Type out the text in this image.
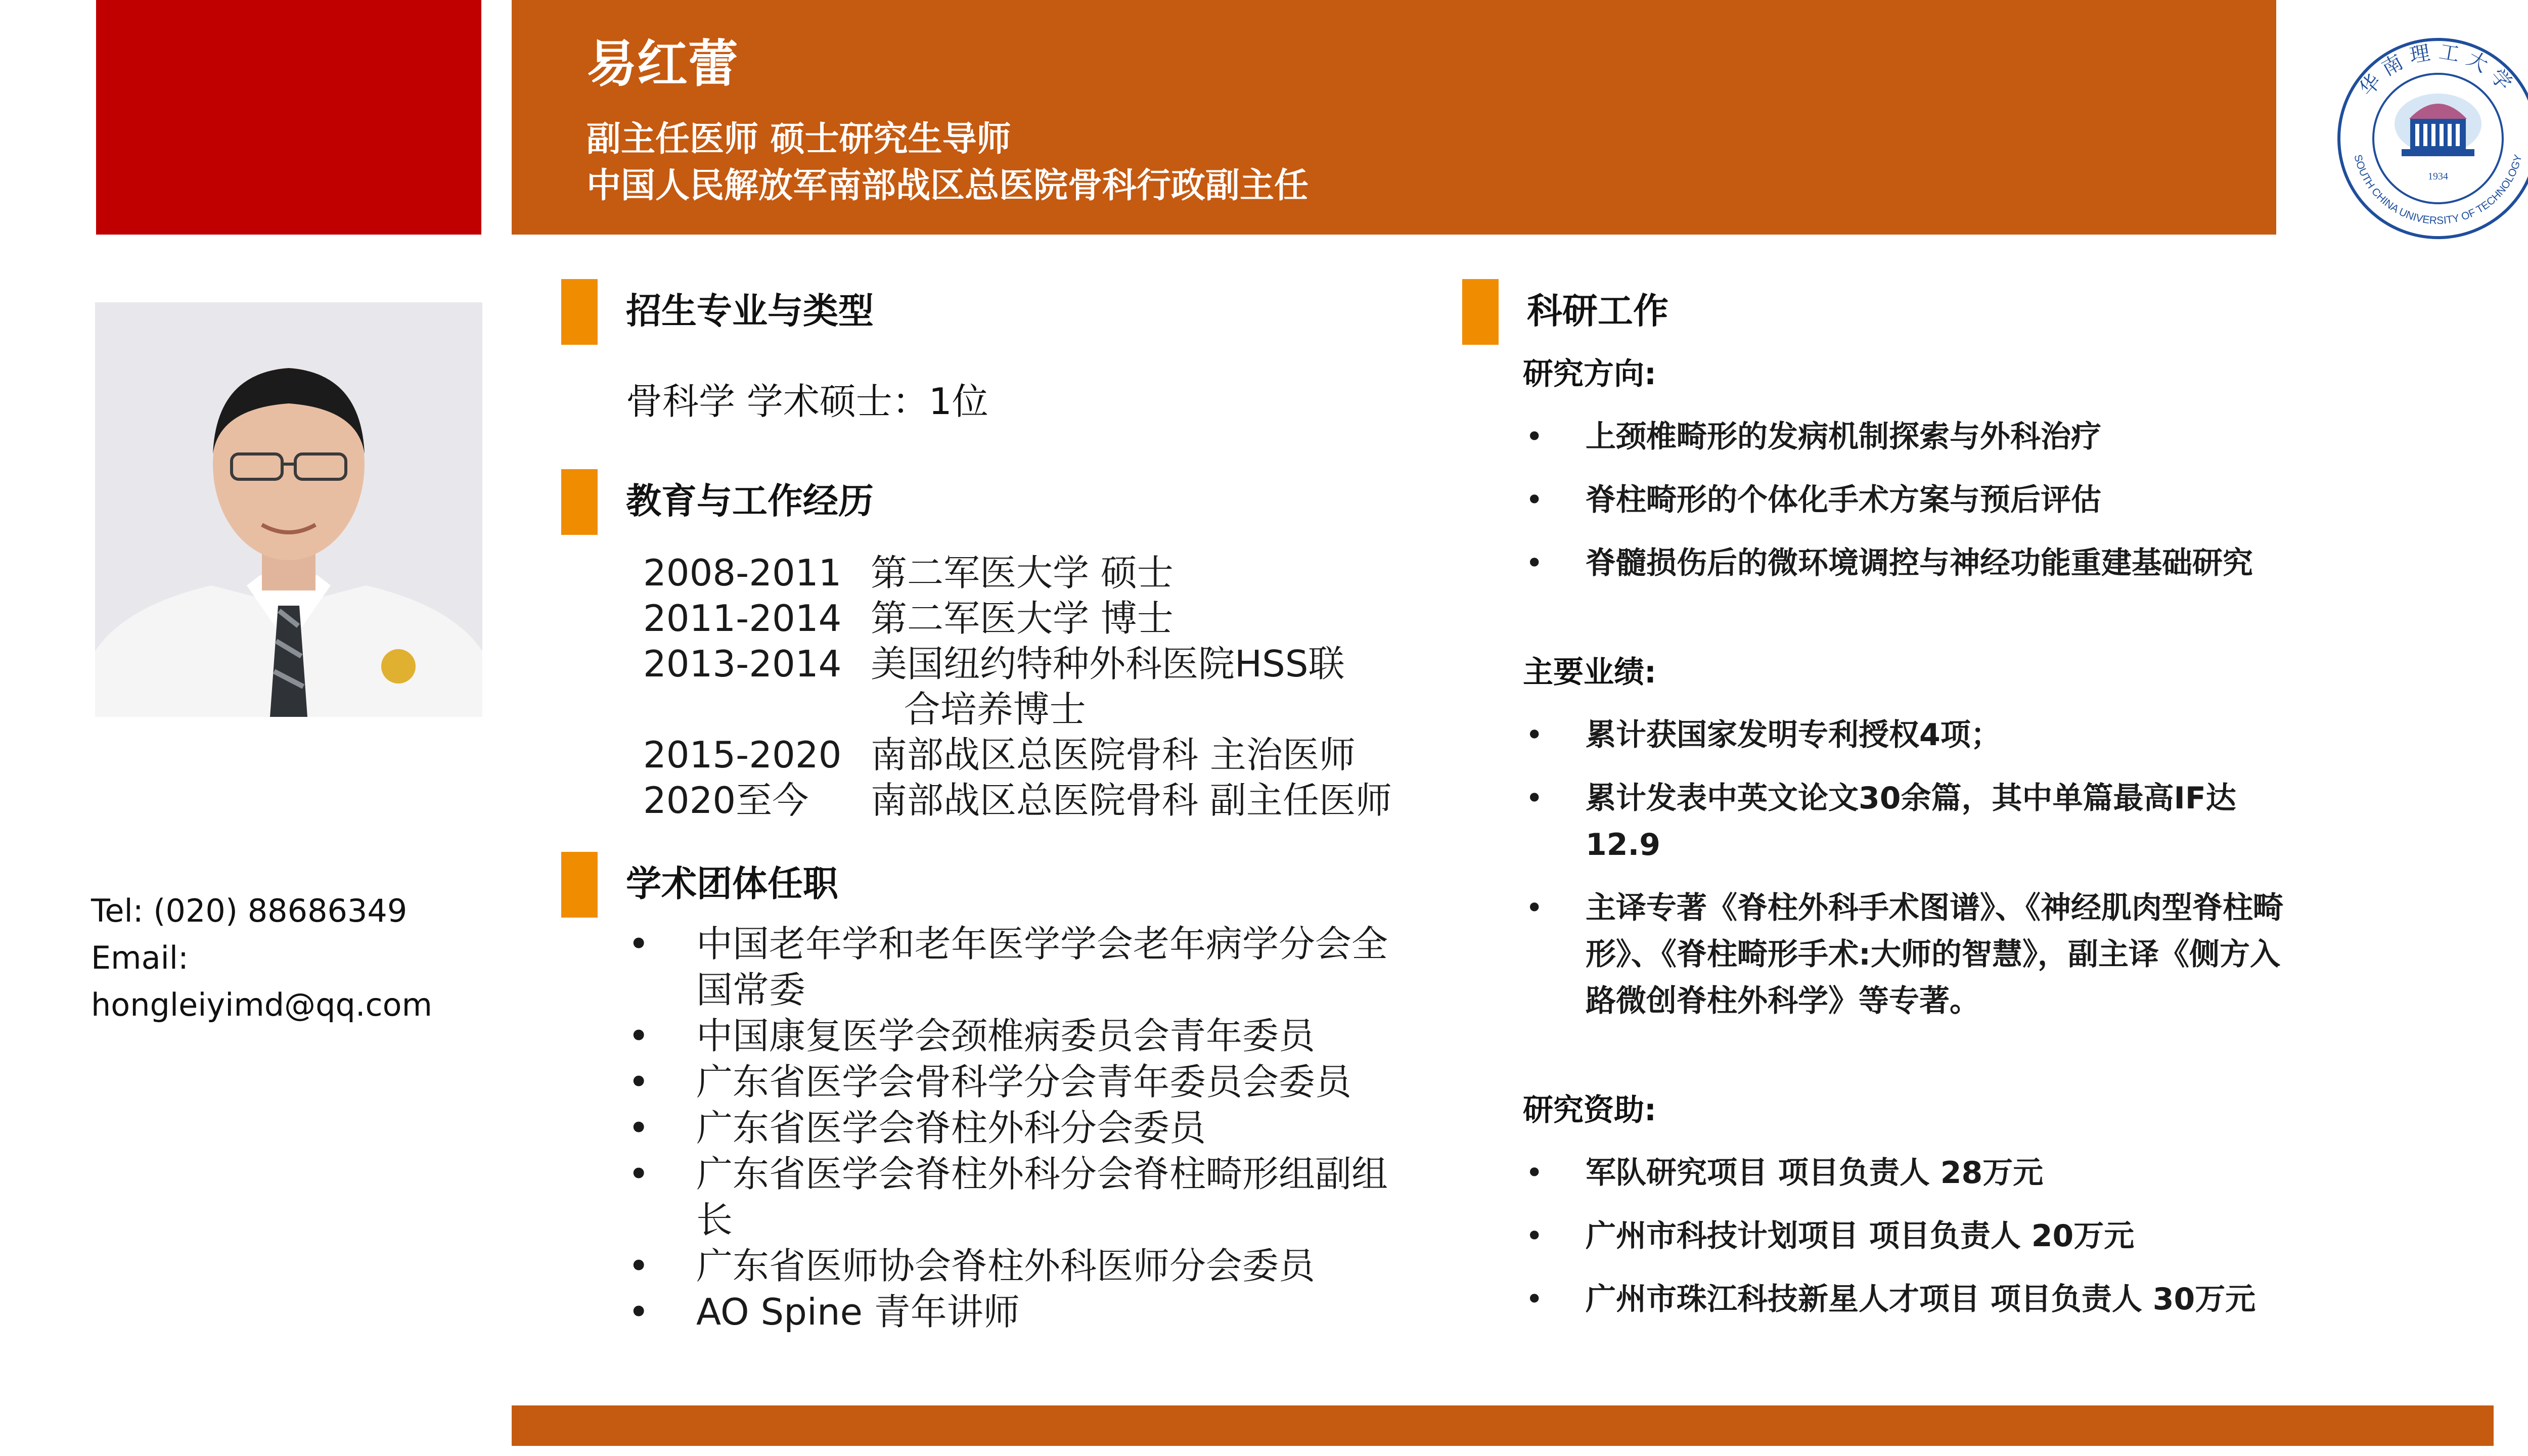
易红蕾
副主任医师 硕士研究生导师
中国人民解放军南部战区总医院骨科行政副主任
华南理工大学
SOUTH CHINA UNIVERSITY OF TECHNOLOGY
1934
Tel: (020) 88686349
Email:
hongleiyimd@qq.com
招生专业与类型
骨科学 学术硕士：1位
教育与工作经历
2008-2011 第二军医大学 硕士
2011-2014 第二军医大学 博士
2013-2014 美国纽约特种外科医院HSS联
合培养博士
2015-2020 南部战区总医院骨科 主治医师
2020至今 南部战区总医院骨科 副主任医师
学术团体任职
• 中国老年学和老年医学学会老年病学分会全国常委
• 中国康复医学会颈椎病委员会青年委员
• 广东省医学会骨科学分会青年委员会委员
• 广东省医学会脊柱外科分会委员
• 广东省医学会脊柱外科分会脊柱畸形组副组长
• 广东省医师协会脊柱外科医师分会委员
• AO Spine 青年讲师
科研工作
研究方向:
• 上颈椎畸形的发病机制探索与外科治疗
• 脊柱畸形的个体化手术方案与预后评估
• 脊髓损伤后的微环境调控与神经功能重建基础研究
主要业绩:
• 累计获国家发明专利授权4项；
• 累计发表中英文论文30余篇，其中单篇最高IF达12.9
• 主译专著《脊柱外科手术图谱》、《神经肌肉型脊柱畸形》、《脊柱畸形手术:大师的智慧》，副主译《侧方入路微创脊柱外科学》等专著。
研究资助:
• 军队研究项目 项目负责人 28万元
• 广州市科技计划项目 项目负责人 20万元
• 广州市珠江科技新星人才项目 项目负责人 30万元
